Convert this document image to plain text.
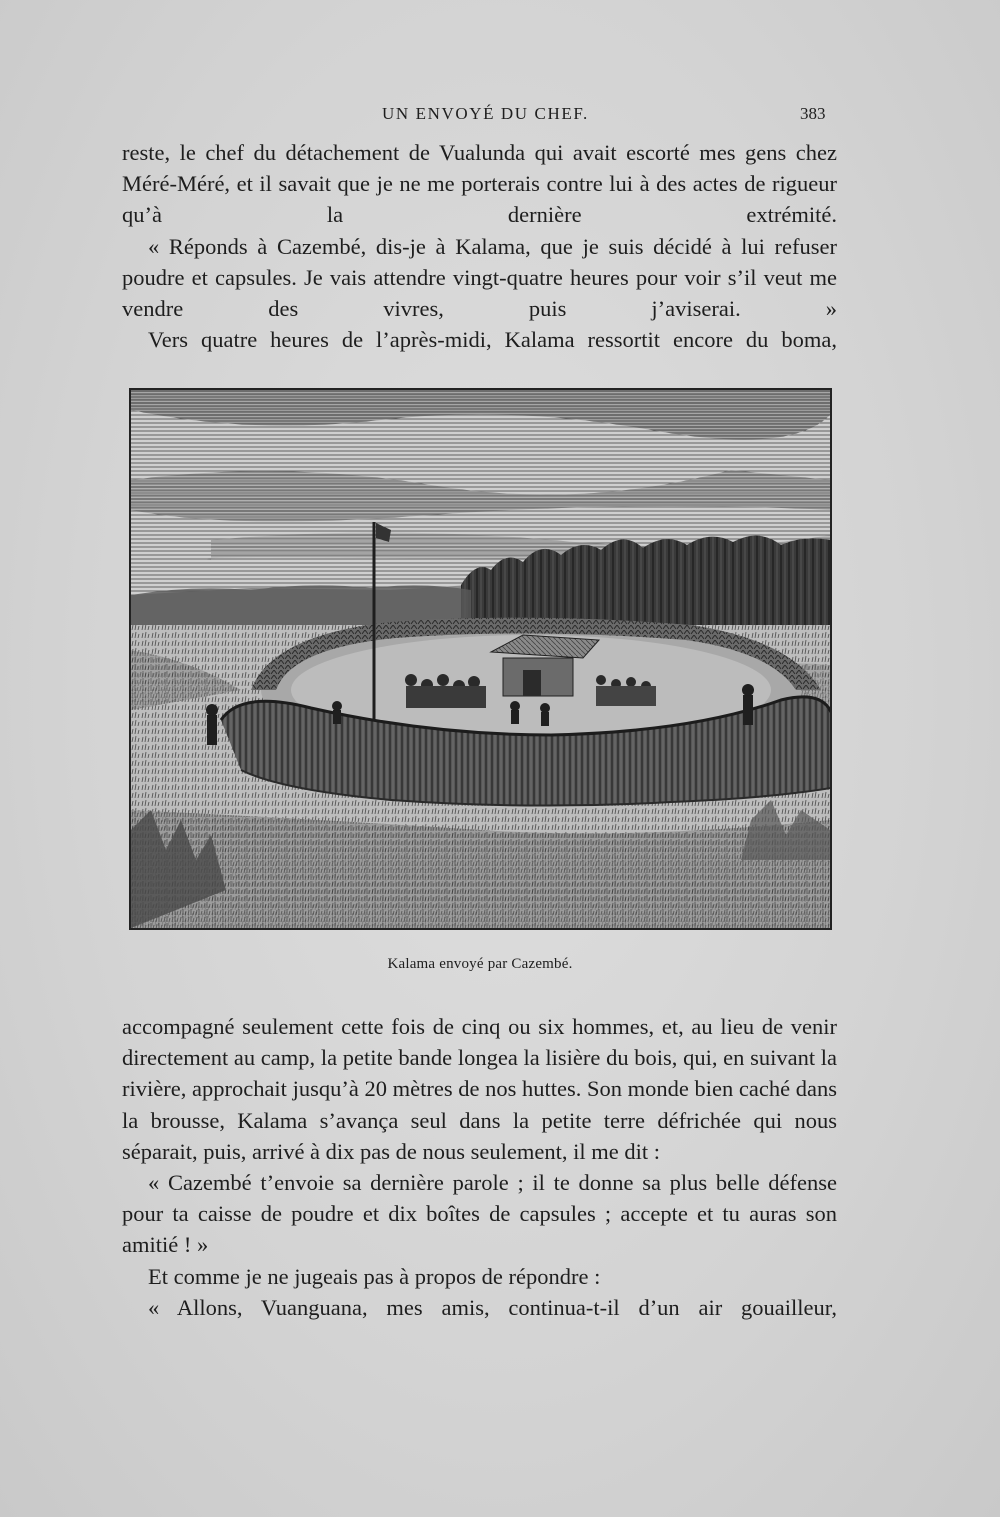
UN ENVOYÉ DU CHEF.	383

reste, le chef du détachement de Vualunda qui avait escorté mes gens chez Méré-Méré, et il savait que je ne me porterais contre lui à des actes de rigueur qu’à la dernière extrémité.

« Réponds à Cazembé, dis-je à Kalama, que je suis décidé à lui refuser poudre et capsules. Je vais attendre vingt-quatre heures pour voir s’il veut me vendre des vivres, puis j’aviserai. »

Vers quatre heures de l’après-midi, Kalama ressortit encore du boma,

Kalama envoyé par Cazembé.

accompagné seulement cette fois de cinq ou six hommes, et, au lieu de venir directement au camp, la petite bande longea la lisière du bois, qui, en suivant la rivière, approchait jusqu’à 20 mètres de nos huttes. Son monde bien caché dans la brousse, Kalama s’avança seul dans la petite terre défrichée qui nous séparait, puis, arrivé à dix pas de nous seulement, il me dit :

« Cazembé t’envoie sa dernière parole ; il te donne sa plus belle défense pour ta caisse de poudre et dix boîtes de capsules ; accepte et tu auras son amitié ! »

Et comme je ne jugeais pas à propos de répondre :

« Allons, Vuanguana, mes amis, continua-t-il d’un air gouailleur,
